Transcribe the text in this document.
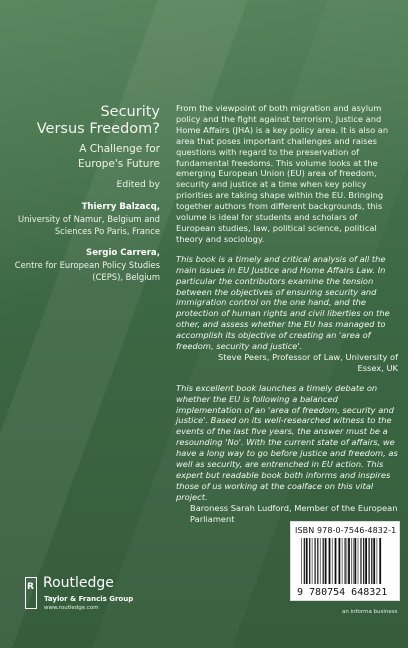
Security
Versus Freedom?
A Challenge for
Europe's Future
Edited by
Thierry Balzacq,
University of Namur, Belgium and
Sciences Po Paris, France
Sergio Carrera,
Centre for European Policy Studies
(CEPS), Belgium

From the viewpoint of both migration and asylum policy and the fight against terrorism, Justice and Home Affairs (JHA) is a key policy area. It is also an area that poses important challenges and raises questions with regard to the preservation of fundamental freedoms. This volume looks at the emerging European Union (EU) area of freedom, security and justice at a time when key policy priorities are taking shape within the EU. Bringing together authors from different backgrounds, this volume is ideal for students and scholars of European studies, law, political science, political theory and sociology.

This book is a timely and critical analysis of all the main issues in EU Justice and Home Affairs Law. In particular the contributors examine the tension between the objectives of ensuring security and immigration control on the one hand, and the protection of human rights and civil liberties on the other, and assess whether the EU has managed to accomplish its objective of creating an 'area of freedom, security and justice'.

Steve Peers, Professor of Law, University of Essex, UK

This excellent book launches a timely debate on whether the EU is following a balanced implementation of an 'area of freedom, security and justice'. Based on its well-researched witness to the events of the last five years, the answer must be a resounding 'No'. With the current state of affairs, we have a long way to go before justice and freedom, as well as security, are entrenched in EU action. This expert but readable book both informs and inspires those of us working at the coalface on this vital project.

Baroness Sarah Ludford, Member of the European Parliament

an informa business
ISBN 978-0-7546-4832-1
9 780754 648321
R Routledge
Taylor & Francis Group
www.routledge.com
